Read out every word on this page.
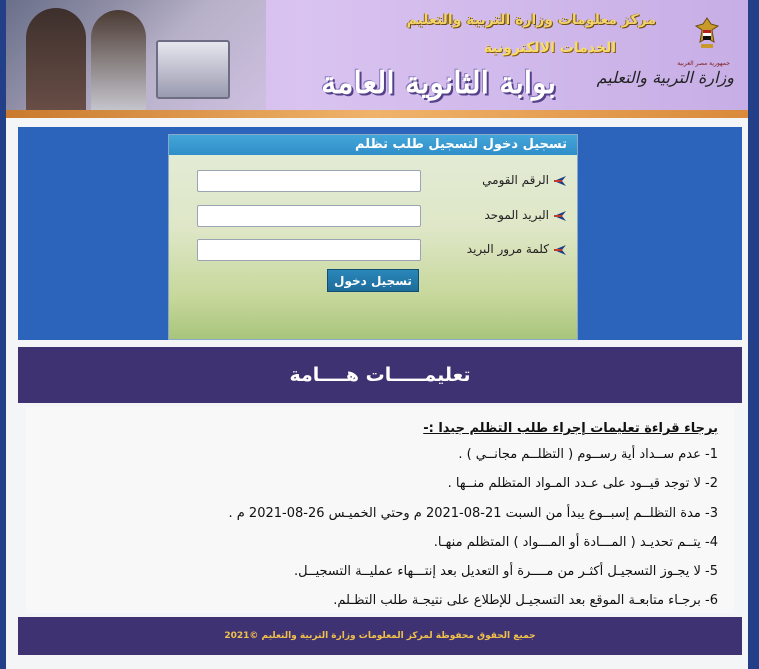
مركز معلومات وزارة التربية والتعليم
الخدمات الالكترونية
بوابة الثانوية العامة
جمهورية مصر العربية
وزارة التربية والتعليم
تسجيل دخول لتسجيل طلب تظلم
الرقم القومي
البريد الموحد
كلمة مرور البريد
تسجيل دخول
تعليمـــــات هــــامة
برجاء قراءة تعليمات إجراء طلب التظلم جيدا :-
1- عدم ســداد أية رســوم ( التظلــم مجانــي ) .
2- لا توجد قيــود على عـدد المـواد المتظلم منــها .
3- مدة التظلــم إسبــوع يبدأ من السبت 21-08-2021 م وحتي الخميـس 26-08-2021 م .
4- يتــم تحديـد ( المـــادة أو المـــواد ) المتظلم منهـا.
5- لا يجـوز التسجيـل أكثـر من مــــرة أو التعديل بعد إنتـــهاء عمليــة التسجيــل.
6- برجـاء متابعـة الموقع بعد التسجيـل للإطلاع على نتيجـة طلب التظـلم.
جميع الحقوق محفوظة لمركز المعلومات وزارة التربية والتعليم ©2021
